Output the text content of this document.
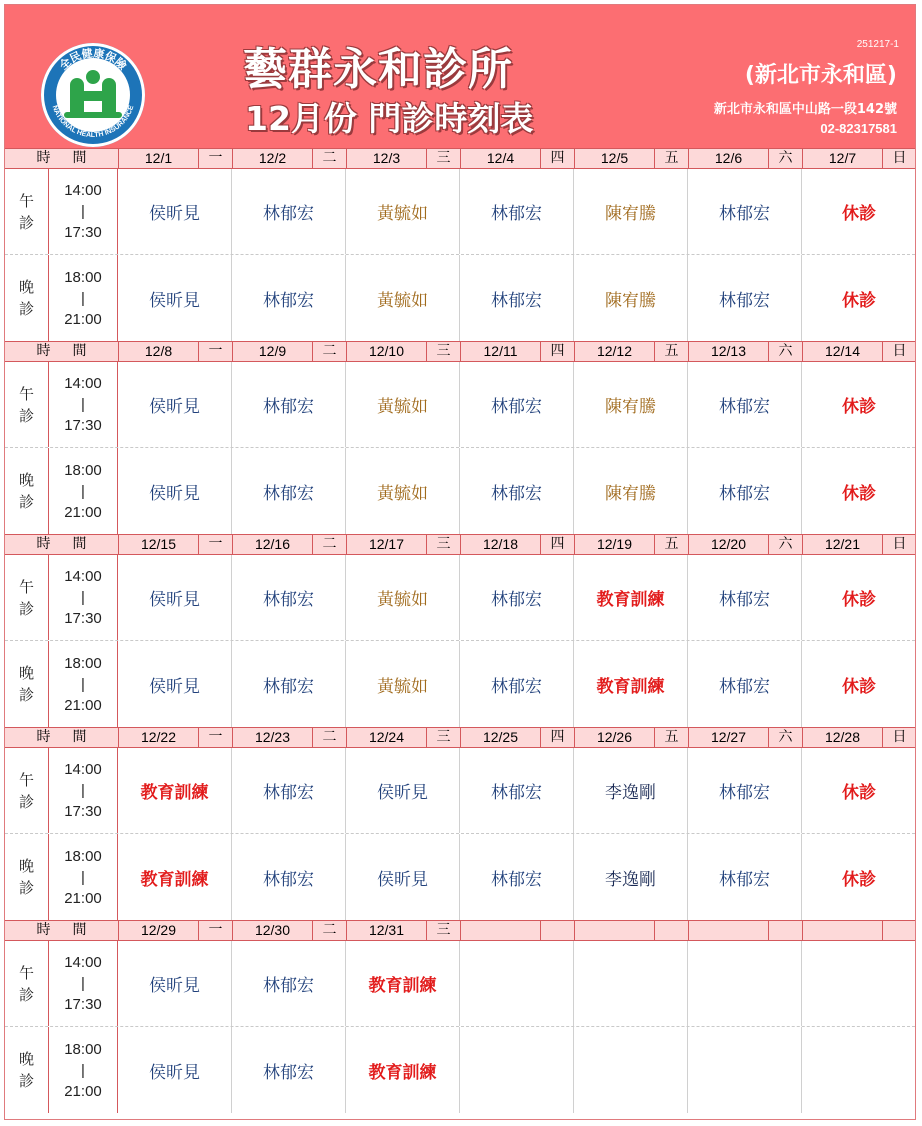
全民健康保險
NATIONAL HEALTH INSURANCE
藝群永和診所
12月份 門診時刻表
251217-1
(新北市永和區)
新北市永和區中山路一段142號
02-82317581
時間	12/1	一	12/2	二	12/3	三	12/4	四	12/5	五	12/6	六	12/7	日
午
診
14:00
|
17:30
侯昕見	林郁宏	黃毓如	林郁宏	陳宥騰	林郁宏	休診
晚
診
18:00
|
21:00
侯昕見	林郁宏	黃毓如	林郁宏	陳宥騰	林郁宏	休診
時間	12/8	一	12/9	二	12/10	三	12/11	四	12/12	五	12/13	六	12/14	日
午
診
14:00
|
17:30
侯昕見	林郁宏	黃毓如	林郁宏	陳宥騰	林郁宏	休診
晚
診
18:00
|
21:00
侯昕見	林郁宏	黃毓如	林郁宏	陳宥騰	林郁宏	休診
時間	12/15	一	12/16	二	12/17	三	12/18	四	12/19	五	12/20	六	12/21	日
午
診
14:00
|
17:30
侯昕見	林郁宏	黃毓如	林郁宏	教育訓練	林郁宏	休診
晚
診
18:00
|
21:00
侯昕見	林郁宏	黃毓如	林郁宏	教育訓練	林郁宏	休診
時間	12/22	一	12/23	二	12/24	三	12/25	四	12/26	五	12/27	六	12/28	日
午
診
14:00
|
17:30
教育訓練	林郁宏	侯昕見	林郁宏	李逸剛	林郁宏	休診
晚
診
18:00
|
21:00
教育訓練	林郁宏	侯昕見	林郁宏	李逸剛	林郁宏	休診
時間	12/29	一	12/30	二	12/31	三
午
診
14:00
|
17:30
侯昕見	林郁宏	教育訓練
晚
診
18:00
|
21:00
侯昕見	林郁宏	教育訓練
